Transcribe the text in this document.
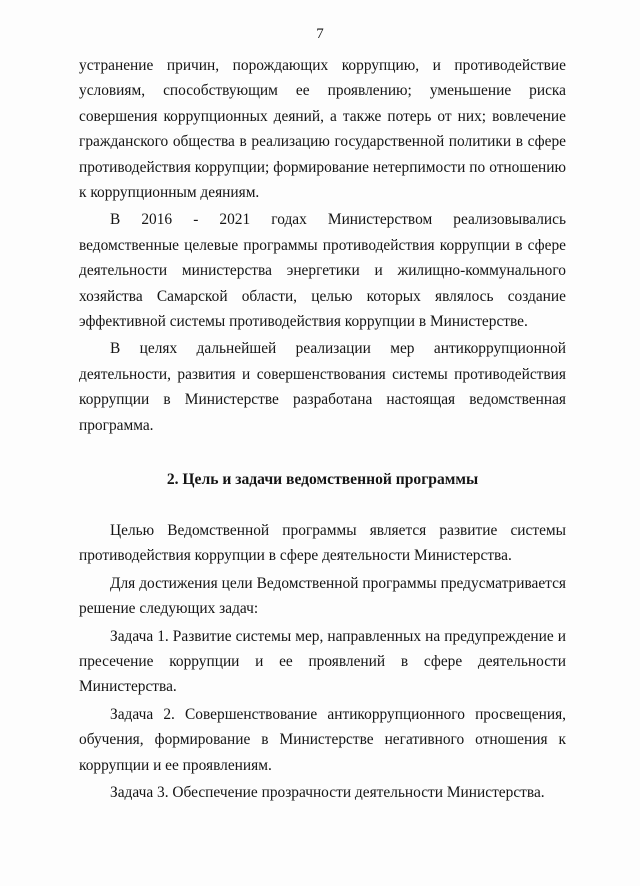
7

устранение причин, порождающих коррупцию, и противодействие условиям, способствующим ее проявлению; уменьшение риска совершения коррупционных деяний, а также потерь от них; вовлечение гражданского общества в реализацию государственной политики в сфере противодействия коррупции; формирование нетерпимости по отношению к коррупционным деяниям.

В 2016 - 2021 годах Министерством реализовывались ведомственные целевые программы противодействия коррупции в сфере деятельности министерства энергетики и жилищно-коммунального хозяйства Самарской области, целью которых являлось создание эффективной системы противодействия коррупции в Министерстве.

В целях дальнейшей реализации мер антикоррупционной деятельности, развития и совершенствования системы противодействия коррупции в Министерстве разработана настоящая ведомственная программа.

2. Цель и задачи ведомственной программы

Целью Ведомственной программы является развитие системы противодействия коррупции в сфере деятельности Министерства.

Для достижения цели Ведомственной программы предусматривается решение следующих задач:

Задача 1. Развитие системы мер, направленных на предупреждение и пресечение коррупции и ее проявлений в сфере деятельности Министерства.

Задача 2. Совершенствование антикоррупционного просвещения, обучения, формирование в Министерстве негативного отношения к коррупции и ее проявлениям.

Задача 3. Обеспечение прозрачности деятельности Министерства.
